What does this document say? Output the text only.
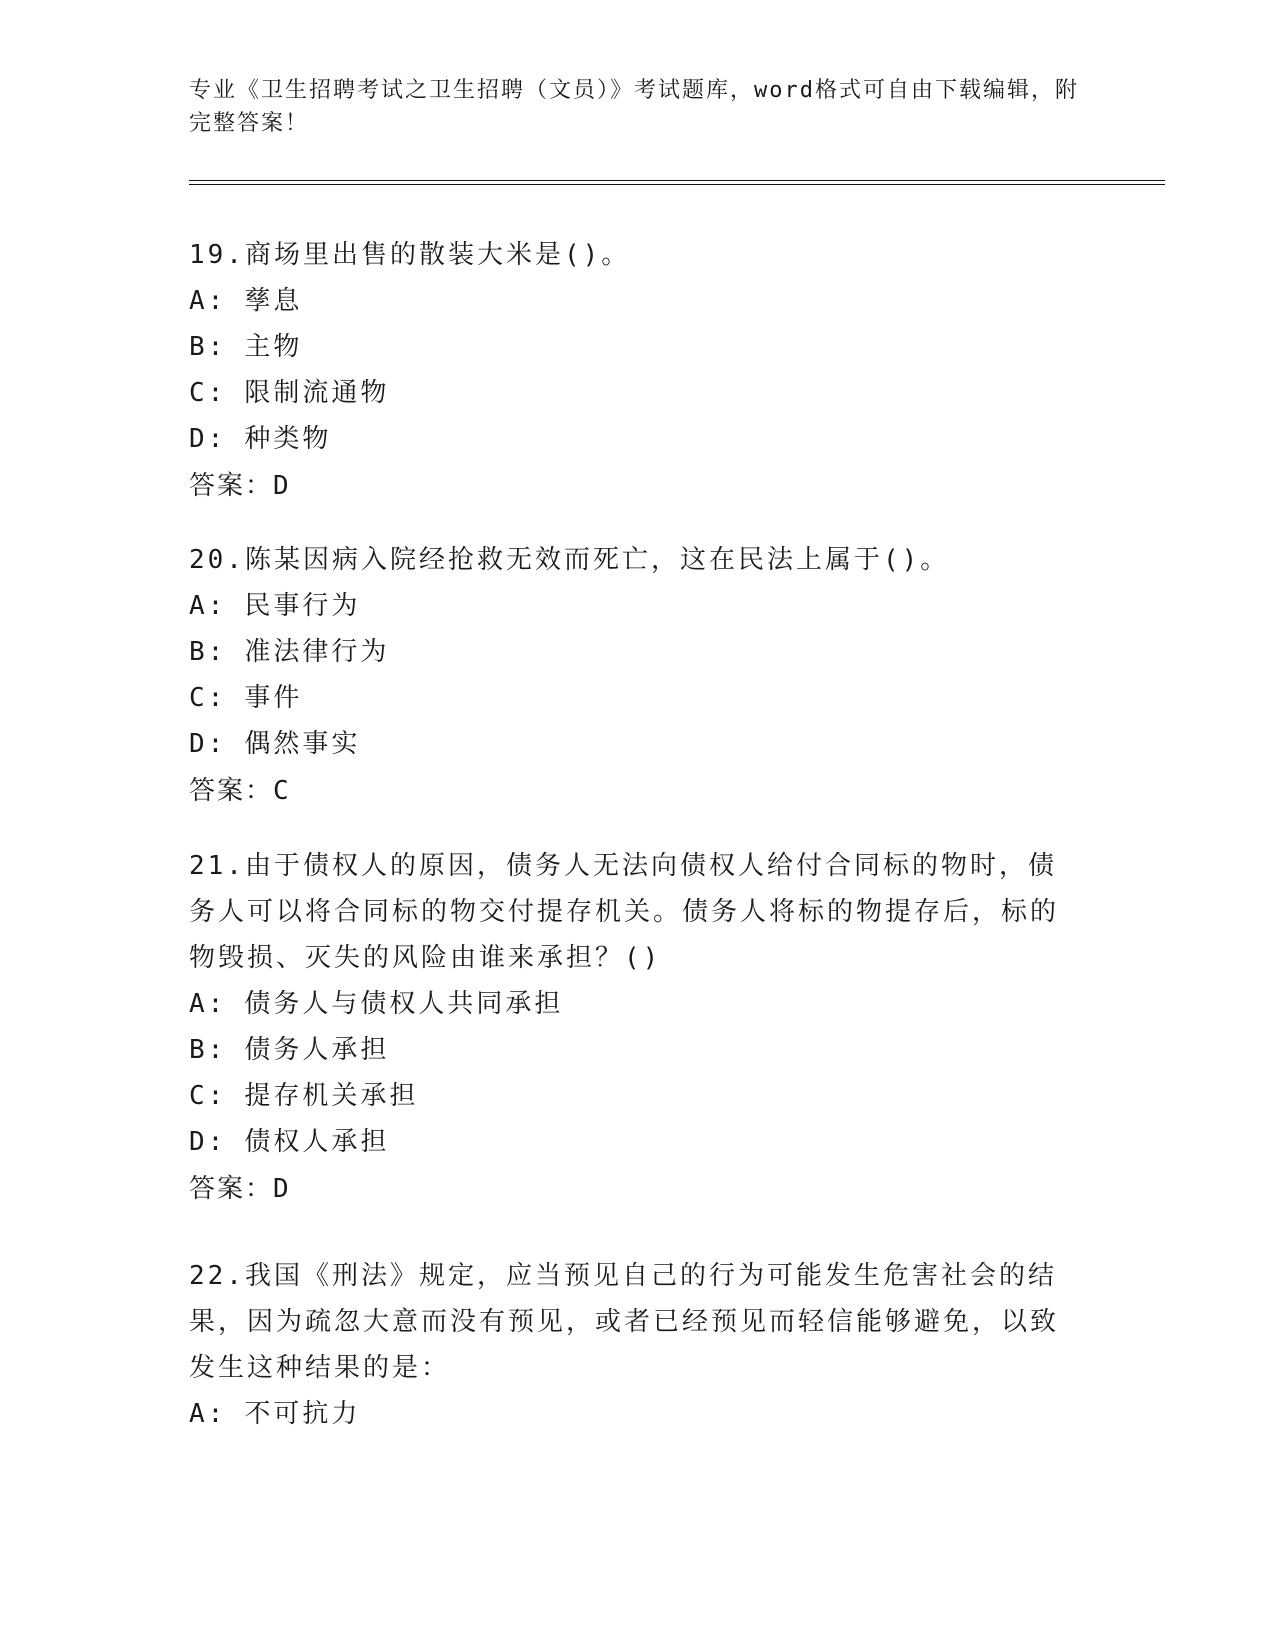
专业《卫生招聘考试之卫生招聘（文员）》考试题库，word格式可自由下载编辑，附完整答案！
19.商场里出售的散装大米是()。
A: 孳息
B: 主物
C: 限制流通物
D: 种类物
答案：D
20.陈某因病入院经抢救无效而死亡，这在民法上属于()。
A: 民事行为
B: 准法律行为
C: 事件
D: 偶然事实
答案：C
21.由于债权人的原因，债务人无法向债权人给付合同标的物时，债务人可以将合同标的物交付提存机关。债务人将标的物提存后，标的物毁损、灭失的风险由谁来承担？()
A: 债务人与债权人共同承担
B: 债务人承担
C: 提存机关承担
D: 债权人承担
答案：D
22.我国《刑法》规定，应当预见自己的行为可能发生危害社会的结果，因为疏忽大意而没有预见，或者已经预见而轻信能够避免，以致发生这种结果的是：
A: 不可抗力
